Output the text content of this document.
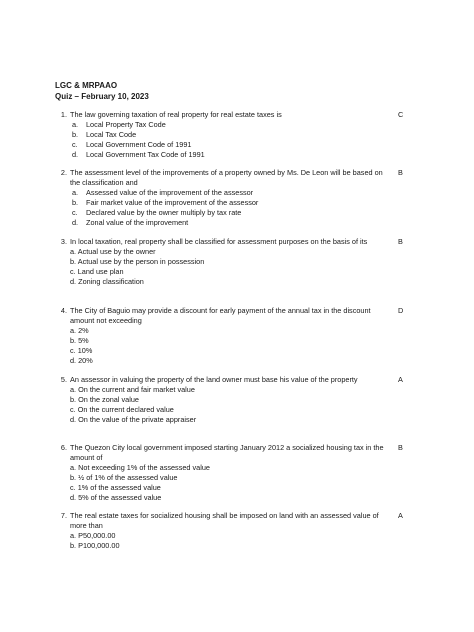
LGC & MRPAAO
Quiz – February 10, 2023
1. The law governing taxation of real property for real estate taxes is

a. Local Property Tax Code

b. Local Tax Code

c. Local Government Code of 1991

d. Local Government Tax Code of 1991

C
2. The assessment level of the improvements of a property owned by Ms. De Leon will be based on the classification and

a. Assessed value of the improvement of the assessor

b. Fair market value of the improvement of the assessor

c. Declared value by the owner multiply by tax rate

d. Zonal value of the improvement

B
3. In local taxation, real property shall be classified for assessment purposes on the basis of its

a. Actual use by the owner

b. Actual use by the person in possession

c. Land use plan

d. Zoning classification

B
4. The City of Baguio may provide a discount for early payment of the annual tax in the discount amount not exceeding

a. 2%

b. 5%

c. 10%

d. 20%

D
5. An assessor in valuing the property of the land owner must base his value of the property

a. On the current and fair market value

b. On the zonal value

c. On the current declared value

d. On the value of the private appraiser

A
6. The Quezon City local government imposed starting January 2012 a socialized housing tax in the amount of

a. Not exceeding 1% of the assessed value

b. ½ of 1% of the assessed value

c. 1% of the assessed value

d. 5% of the assessed value

B
7. The real estate taxes for socialized housing shall be imposed on land with an assessed value of more than

a. P50,000.00

b. P100,000.00

A
